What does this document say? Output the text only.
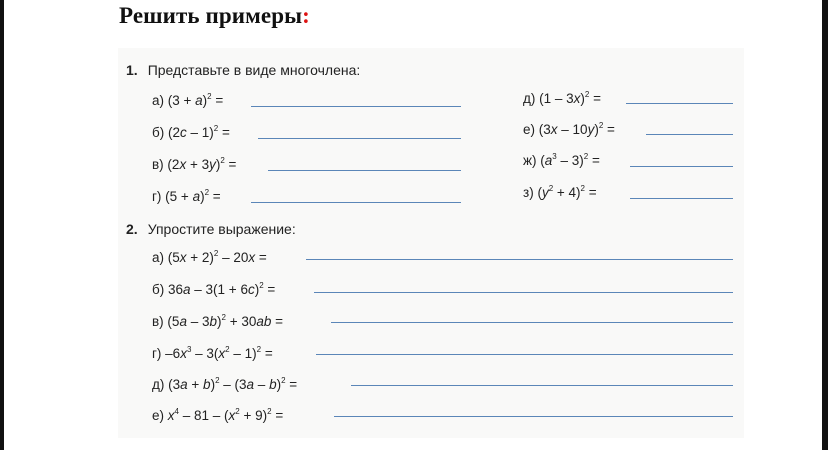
Решить примеры:
1. Представьте в виде многочлена:
а) $(3 + a)^2$ =
б) (2c – 1)$^2$ =
в) $(2x + 3y)^2$ =
г) $(5 + a)^2$ =
д) (1 – 3x)$^2$ =
е) (3x – 10y)$^2$ =
ж) $(a^3 - 3)^2$ =
з) $(y^2 + 4)^2$ =
2. Упростите выражение:
а) $(5x + 2)^2 - 20x$ =
б) $36a - 3(1 + 6c)^2$ =
в) (5a – 3b)$^2$ + 30ab =
г) $-6x^3 - 3(x^2 - 1)^2$ =
д) $(3a + b)^2 - (3a - b)^2$ =
е) $x^4 - 81 - (x^2 + 9)^2$ =
